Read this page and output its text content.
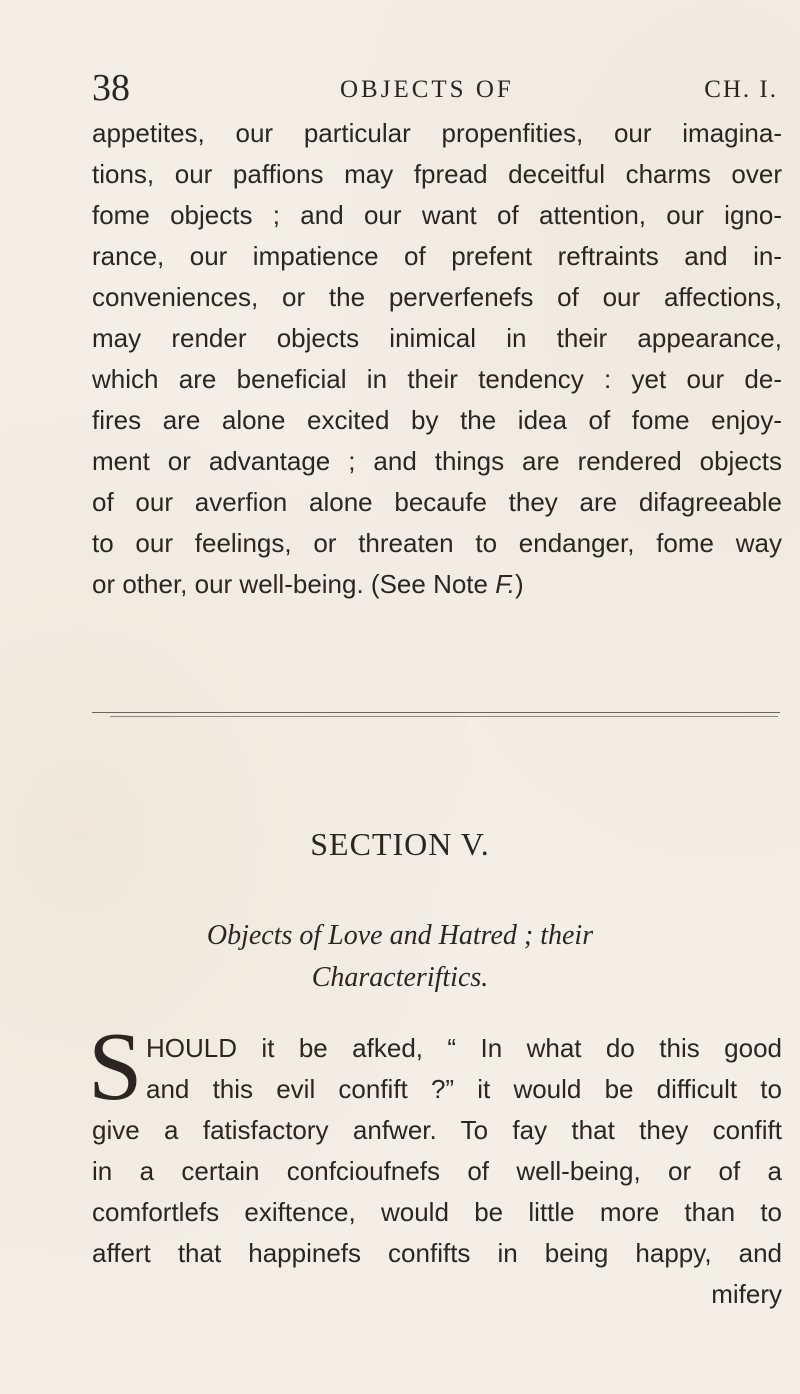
38	OBJECTS OF	CH. I.
appetites, our particular propenfities, our imagina-
tions, our paffions may fpread deceitful charms over
fome objects ; and our want of attention, our igno-
rance, our impatience of prefent reftraints and in-
conveniences, or the perverfenefs of our affections,
may render objects inimical in their appearance,
which are beneficial in their tendency : yet our de-
fires are alone excited by the idea of fome enjoy-
ment or advantage ; and things are rendered objects
of our averfion alone becaufe they are difagreeable
to our feelings, or threaten to endanger, fome way
or other, our well-being. (See Note F.)
SECTION V.
Objects of Love and Hatred ; their
Characteriftics.
S HOULD it be afked, “ In what do this good
and this evil confift ?” it would be difficult to
give a fatisfactory anfwer. To fay that they confift
in a certain confcioufnefs of well-being, or of a
comfortlefs exiftence, would be little more than to
affert that happinefs confifts in being happy, and
mifery
